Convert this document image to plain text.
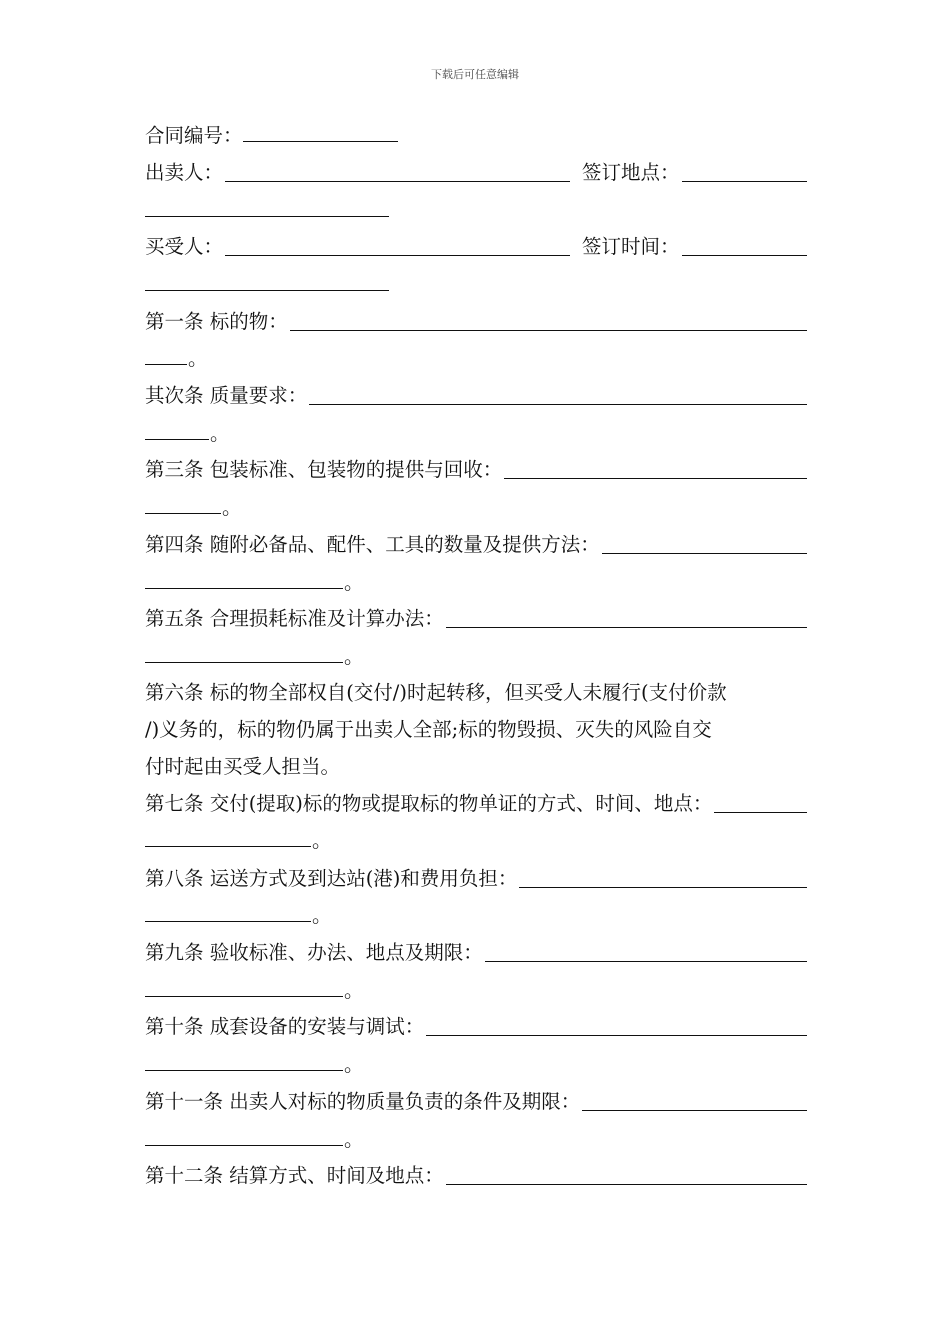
下载后可任意编辑
合同编号：
出卖人：	签订地点：
买受人：	签订时间：
第一条 标的物：
。
其次条 质量要求：
。
第三条 包装标准、包装物的提供与回收：
。
第四条 随附必备品、配件、工具的数量及提供方法：
。
第五条 合理损耗标准及计算办法：
。
第六条 标的物全部权自(交付/)时起转移，但买受人未履行(支付价款
/)义务的，标的物仍属于出卖人全部;标的物毁损、灭失的风险自交
付时起由买受人担当。
第七条 交付(提取)标的物或提取标的物单证的方式、时间、地点：
。
第八条 运送方式及到达站(港)和费用负担：
。
第九条 验收标准、办法、地点及期限：
。
第十条 成套设备的安装与调试：
。
第十一条 出卖人对标的物质量负责的条件及期限：
。
第十二条 结算方式、时间及地点：
